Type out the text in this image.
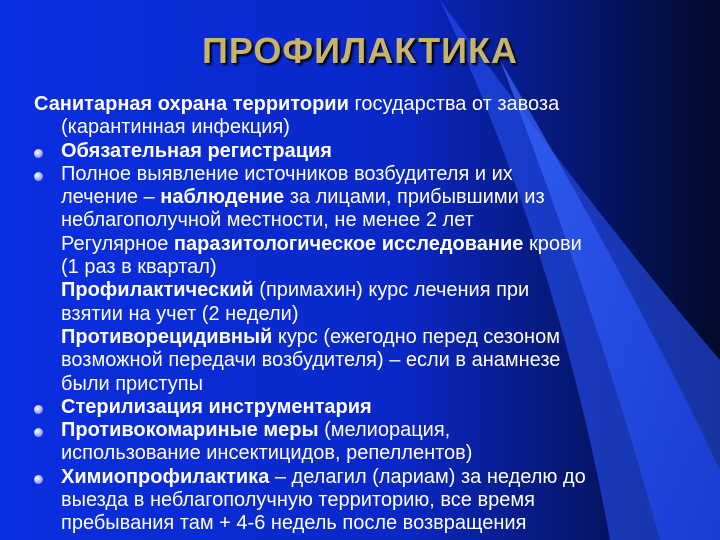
ПРОФИЛАКТИКА
Санитарная охрана территории государства от завоза
(карантинная инфекция)
Обязательная регистрация
Полное выявление источников возбудителя и их
лечение – наблюдение за лицами, прибывшими из
неблагополучной местности, не менее 2 лет
Регулярное паразитологическое исследование крови
(1 раз в квартал)
Профилактический (примахин) курс лечения при
взятии на учет (2 недели)
Противорецидивный курс (ежегодно перед сезоном
возможной передачи возбудителя) – если в анамнезе
были приступы
Стерилизация инструментария
Противокомариные меры (мелиорация,
использование инсектицидов, репеллентов)
Химиопрофилактика – делагил (лариам) за неделю до
выезда в неблагополучную территорию, все время
пребывания там + 4-6 недель после возвращения
